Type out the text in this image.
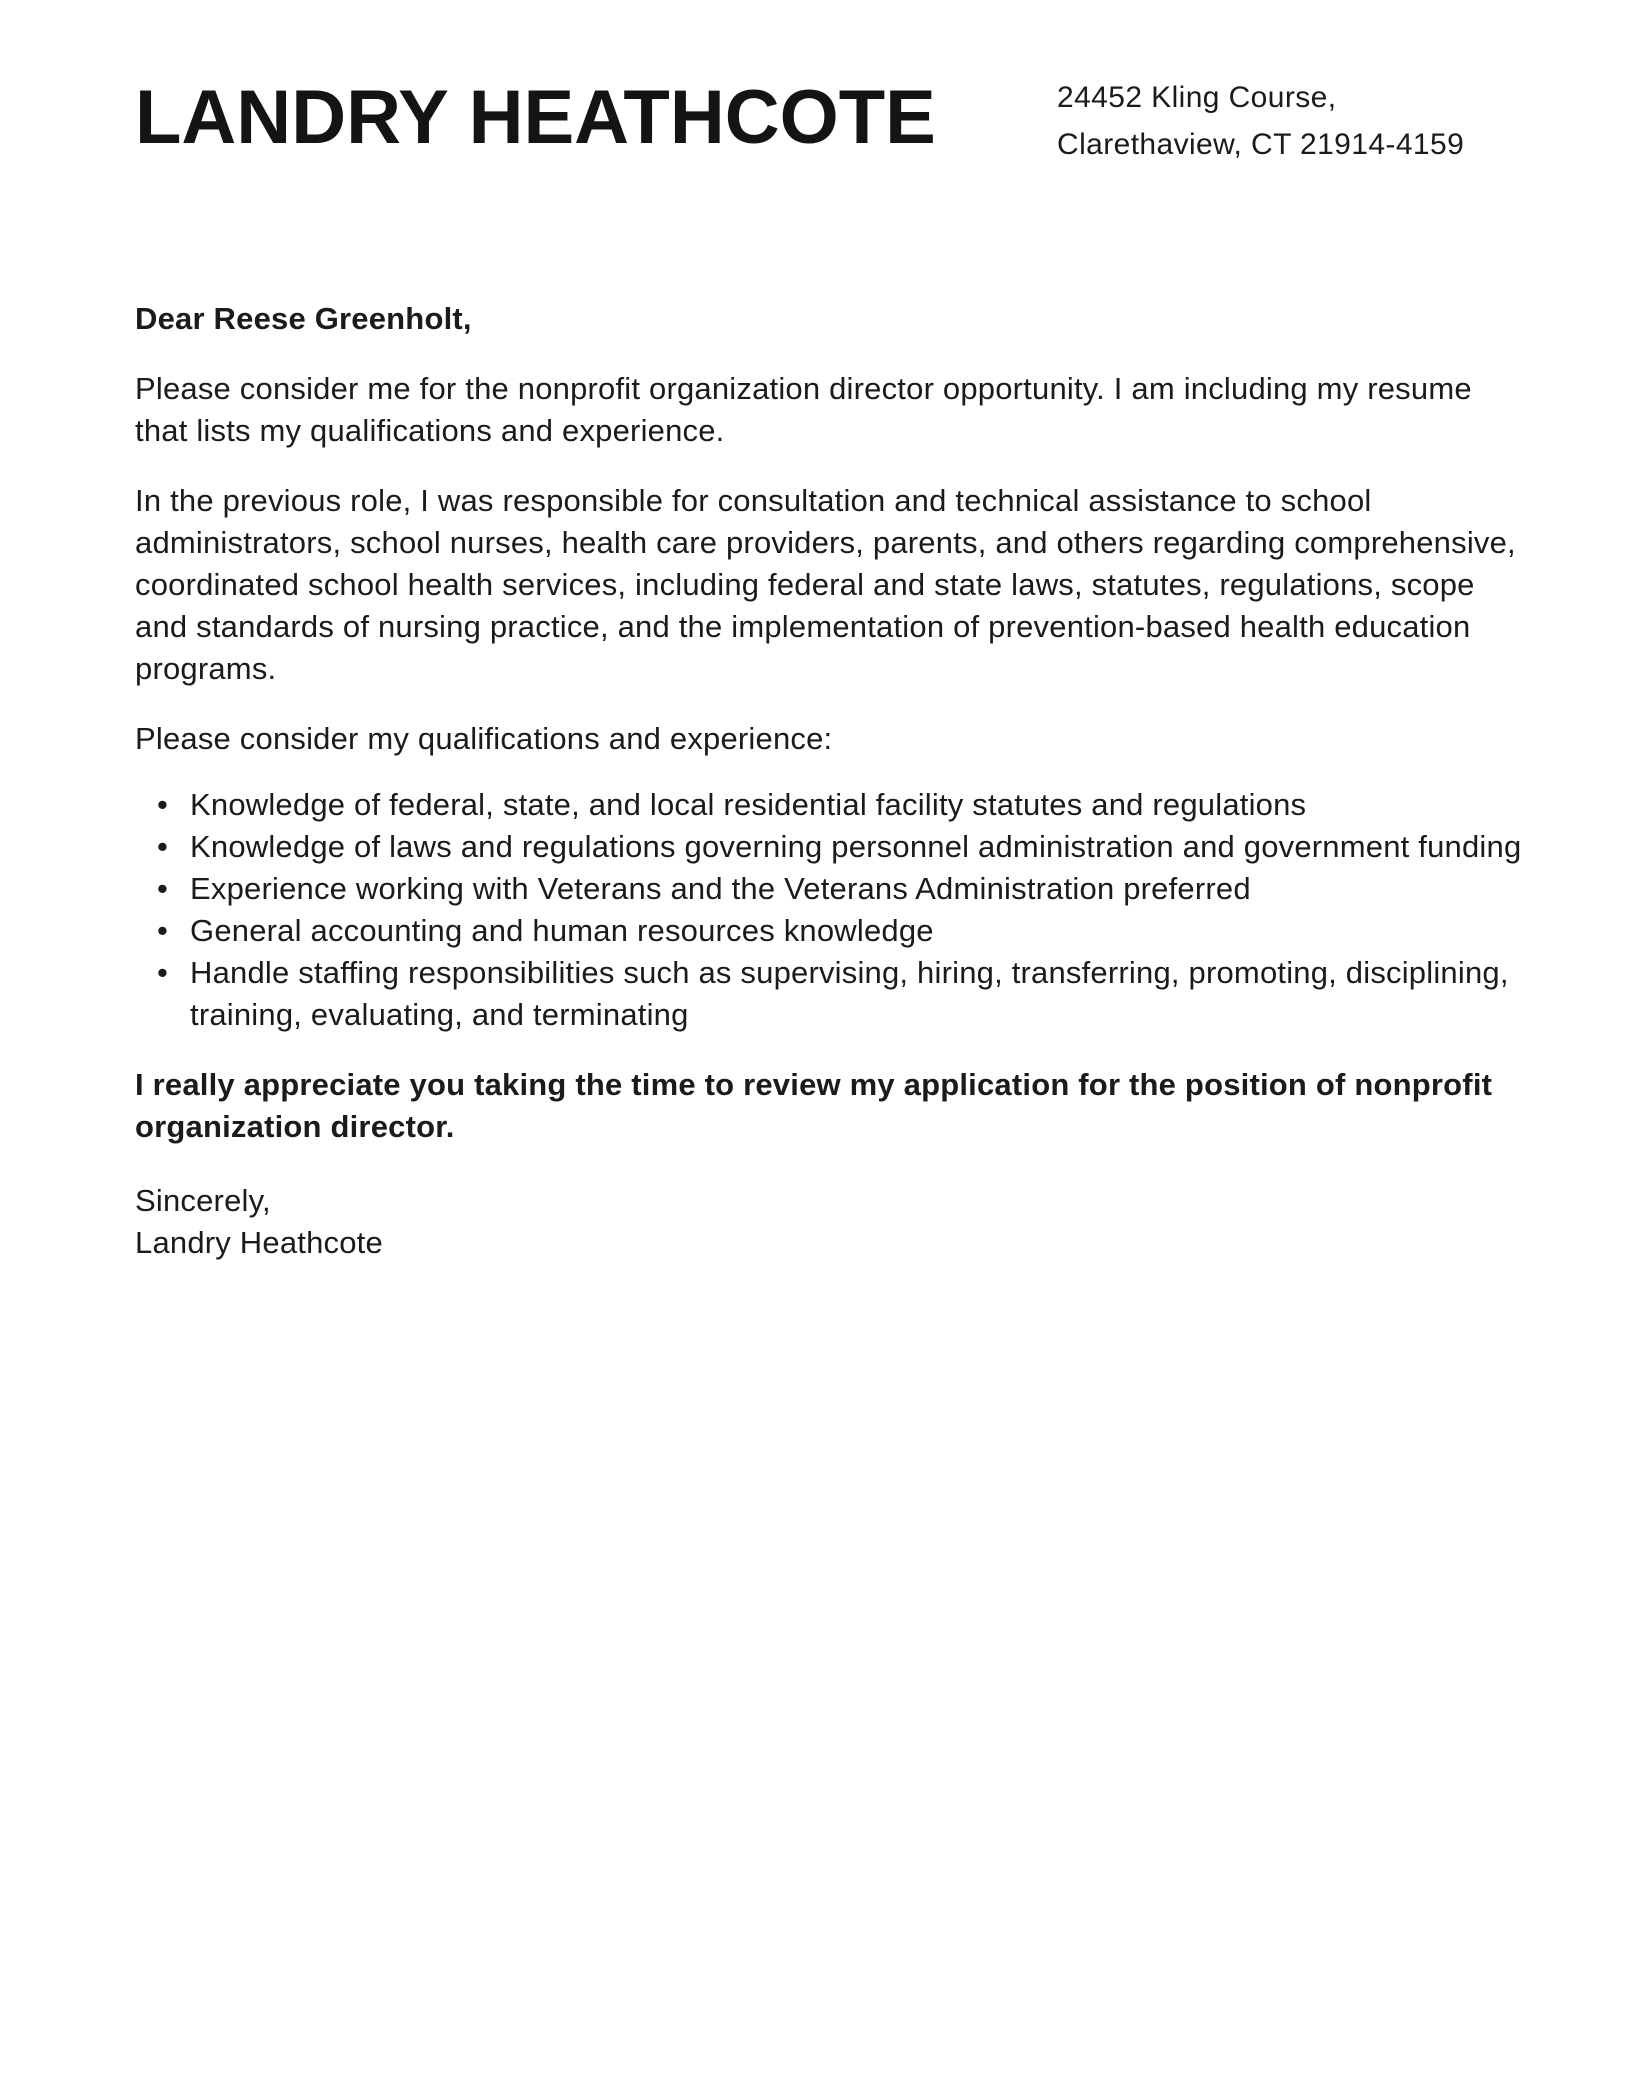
LANDRY HEATHCOTE	24452 Kling Course,
Clarethaview, CT 21914-4159

Dear Reese Greenholt,

Please consider me for the nonprofit organization director opportunity. I am including my resume that lists my qualifications and experience.

In the previous role, I was responsible for consultation and technical assistance to school administrators, school nurses, health care providers, parents, and others regarding comprehensive, coordinated school health services, including federal and state laws, statutes, regulations, scope and standards of nursing practice, and the implementation of prevention-based health education programs.

Please consider my qualifications and experience:

• Knowledge of federal, state, and local residential facility statutes and regulations
• Knowledge of laws and regulations governing personnel administration and government funding
• Experience working with Veterans and the Veterans Administration preferred
• General accounting and human resources knowledge
• Handle staffing responsibilities such as supervising, hiring, transferring, promoting, disciplining, training, evaluating, and terminating

I really appreciate you taking the time to review my application for the position of nonprofit organization director.

Sincerely,
Landry Heathcote
